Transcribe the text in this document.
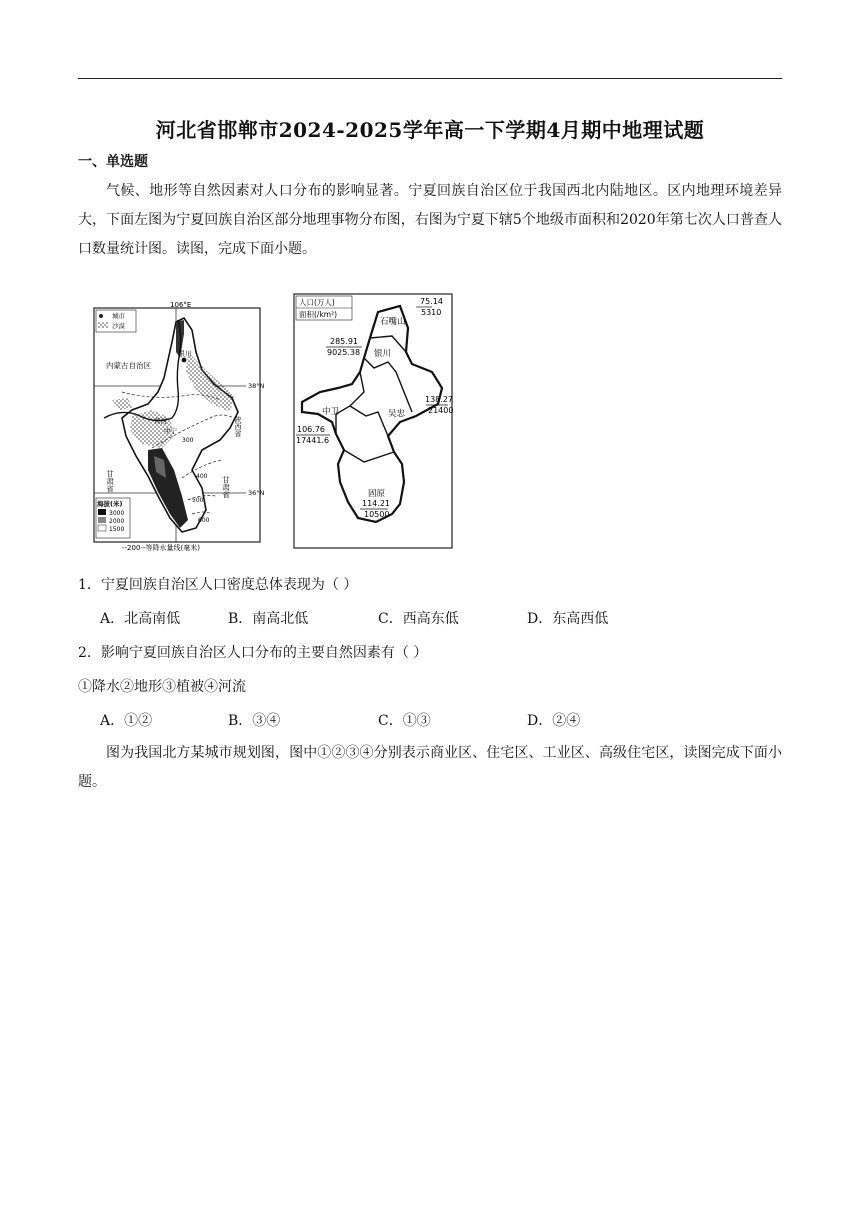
河北省邯郸市2024-2025学年高一下学期4月期中地理试题
一、单选题
气候、地形等自然因素对人口分布的影响显著。宁夏回族自治区位于我国西北内陆地区。区内地理环境差异大，下面左图为宁夏回族自治区部分地理事物分布图，右图为宁夏下辖5个地级市面积和2020年第七次人口普查人口数量统计图。读图，完成下面小题。
106°E
38°N
36°N
城市
沙漠
黄河
中宁
银川
内蒙古自治区
陕西省
甘肃省	甘肃省
300
400
500
600
海拔(米)
3000
2000
1500
--200--等降水量线(毫米)
人口(万人)
面积(/km²)
75.14
5310
石嘴山
285.91
9025.38 银川
138.27
21400
吴忠
中卫
106.76
17441.6
固原
114.21
10500
1．宁夏回族自治区人口密度总体表现为（ ）
A．北高南低	B．南高北低	C．西高东低	D．东高西低
2．影响宁夏回族自治区人口分布的主要自然因素有（ ）
①降水②地形③植被④河流
A．①②	B．③④	C．①③	D．②④
图为我国北方某城市规划图，图中①②③④分别表示商业区、住宅区、工业区、高级住宅区，读图完成下面小题。
